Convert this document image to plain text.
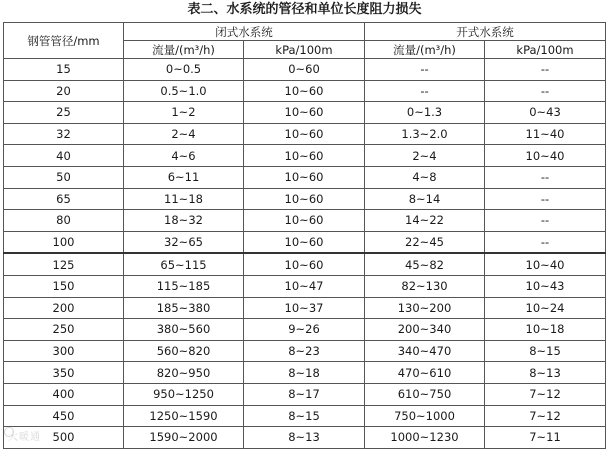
表二、水系统的管径和单位长度阻力损失
钢管管径/mm	闭式水系统		开式水系统	
	流量/(m³/h)	kPa/100m	流量/(m³/h)	kPa/100m
15	0~0.5	0~60	--	--
20	0.5~1.0	10~60	--	--
25	1~2	10~60	0~1.3	0~43
32	2~4	10~60	1.3~2.0	11~40
40	4~6	10~60	2~4	10~40
50	6~11	10~60	4~8	--
65	11~18	10~60	8~14	--
80	18~32	10~60	14~22	--
100	32~65	10~60	22~45	--
125	65~115	10~60	45~82	10~40
150	115~185	10~47	82~130	10~43
200	185~380	10~37	130~200	10~24
250	380~560	9~26	200~340	10~18
300	560~820	8~23	340~470	8~15
350	820~950	8~18	470~610	8~13
400	950~1250	8~17	610~750	7~12
450	1250~1590	8~15	750~1000	7~12
500	1590~2000	8~13	1000~1230	7~11
大暖通
